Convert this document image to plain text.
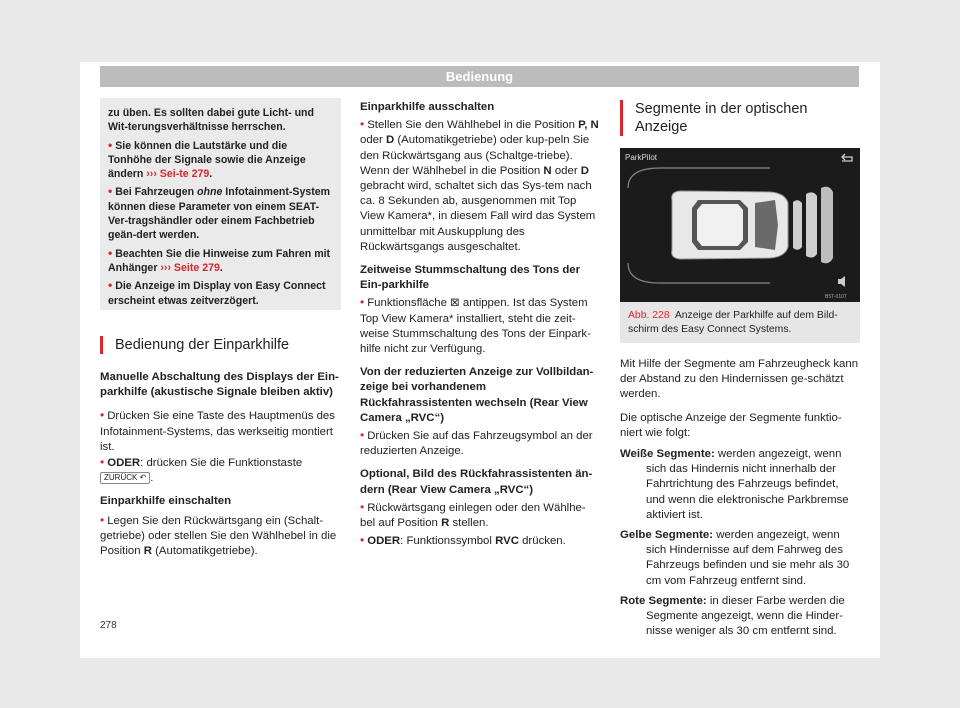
Bedienung

zu üben. Es sollten dabei gute Licht- und Wit-terungsverhältnisse herrschen.

• Sie können die Lautstärke und die Tonhöhe der Signale sowie die Anzeige ändern ››› Sei-te 279.

• Bei Fahrzeugen ohne Infotainment-System können diese Parameter von einem SEAT-Ver-tragshändler oder einem Fachbetrieb geän-dert werden.

• Beachten Sie die Hinweise zum Fahren mit Anhänger ››› Seite 279.

• Die Anzeige im Display von Easy Connect erscheint etwas zeitverzögert.

Bedienung der Einparkhilfe

Manuelle Abschaltung des Displays der Ein-parkhilfe (akustische Signale bleiben aktiv)

• Drücken Sie eine Taste des Hauptmenüs des Infotainment-Systems, das werkseitig montiert ist.

• ODER: drücken Sie die Funktionstaste ZURÜCK ↶ .

Einparkhilfe einschalten

• Legen Sie den Rückwärtsgang ein (Schalt-getriebe) oder stellen Sie den Wählhebel in die Position R (Automatikgetriebe).

Einparkhilfe ausschalten

• Stellen Sie den Wählhebel in die Position P, N oder D (Automatikgetriebe) oder kup-peln Sie den Rückwärtsgang aus (Schaltge-triebe). Wenn der Wählhebel in die Position N oder D gebracht wird, schaltet sich das Sys-tem nach ca. 8 Sekunden ab, ausgenommen mit Top View Kamera*, in diesem Fall wird das System unmittelbar mit Auskupplung des Rückwärtsgangs ausgeschaltet.

Zeitweise Stummschaltung des Tons der Ein-parkhilfe

• Funktionsfläche ⊠ antippen. Ist das System Top View Kamera* installiert, steht die zeit-weise Stummschaltung des Tons der Einpark-hilfe nicht zur Verfügung.

Von der reduzierten Anzeige zur Vollbildan-zeige bei vorhandenem Rückfahrassistenten wechseln (Rear View Camera „RVC“)

• Drücken Sie auf das Fahrzeugsymbol an der reduzierten Anzeige.

Optional, Bild des Rückfahrassistenten än-dern (Rear View Camera „RVC“)

• Rückwärtsgang einlegen oder den Wählhe-bel auf Position R stellen.

• ODER: Funktionssymbol RVC drücken.

Segmente in der optischen Anzeige
ParkPilot
B5T-0107
Abb. 228 Anzeige der Parkhilfe auf dem Bild-schirm des Easy Connect Systems.

Mit Hilfe der Segmente am Fahrzeugheck kann der Abstand zu den Hindernissen ge-schätzt werden.

Die optische Anzeige der Segmente funktio-niert wie folgt:

Weiße Segmente: werden angezeigt, wenn sich das Hindernis nicht innerhalb der Fahrtrichtung des Fahrzeugs befindet, und wenn die elektronische Parkbremse aktiviert ist.
Gelbe Segmente: werden angezeigt, wenn sich Hindernisse auf dem Fahrweg des Fahrzeugs befinden und sie mehr als 30 cm vom Fahrzeug entfernt sind.
Rote Segmente: in dieser Farbe werden die Segmente angezeigt, wenn die Hinder-nisse weniger als 30 cm entfernt sind.
278
